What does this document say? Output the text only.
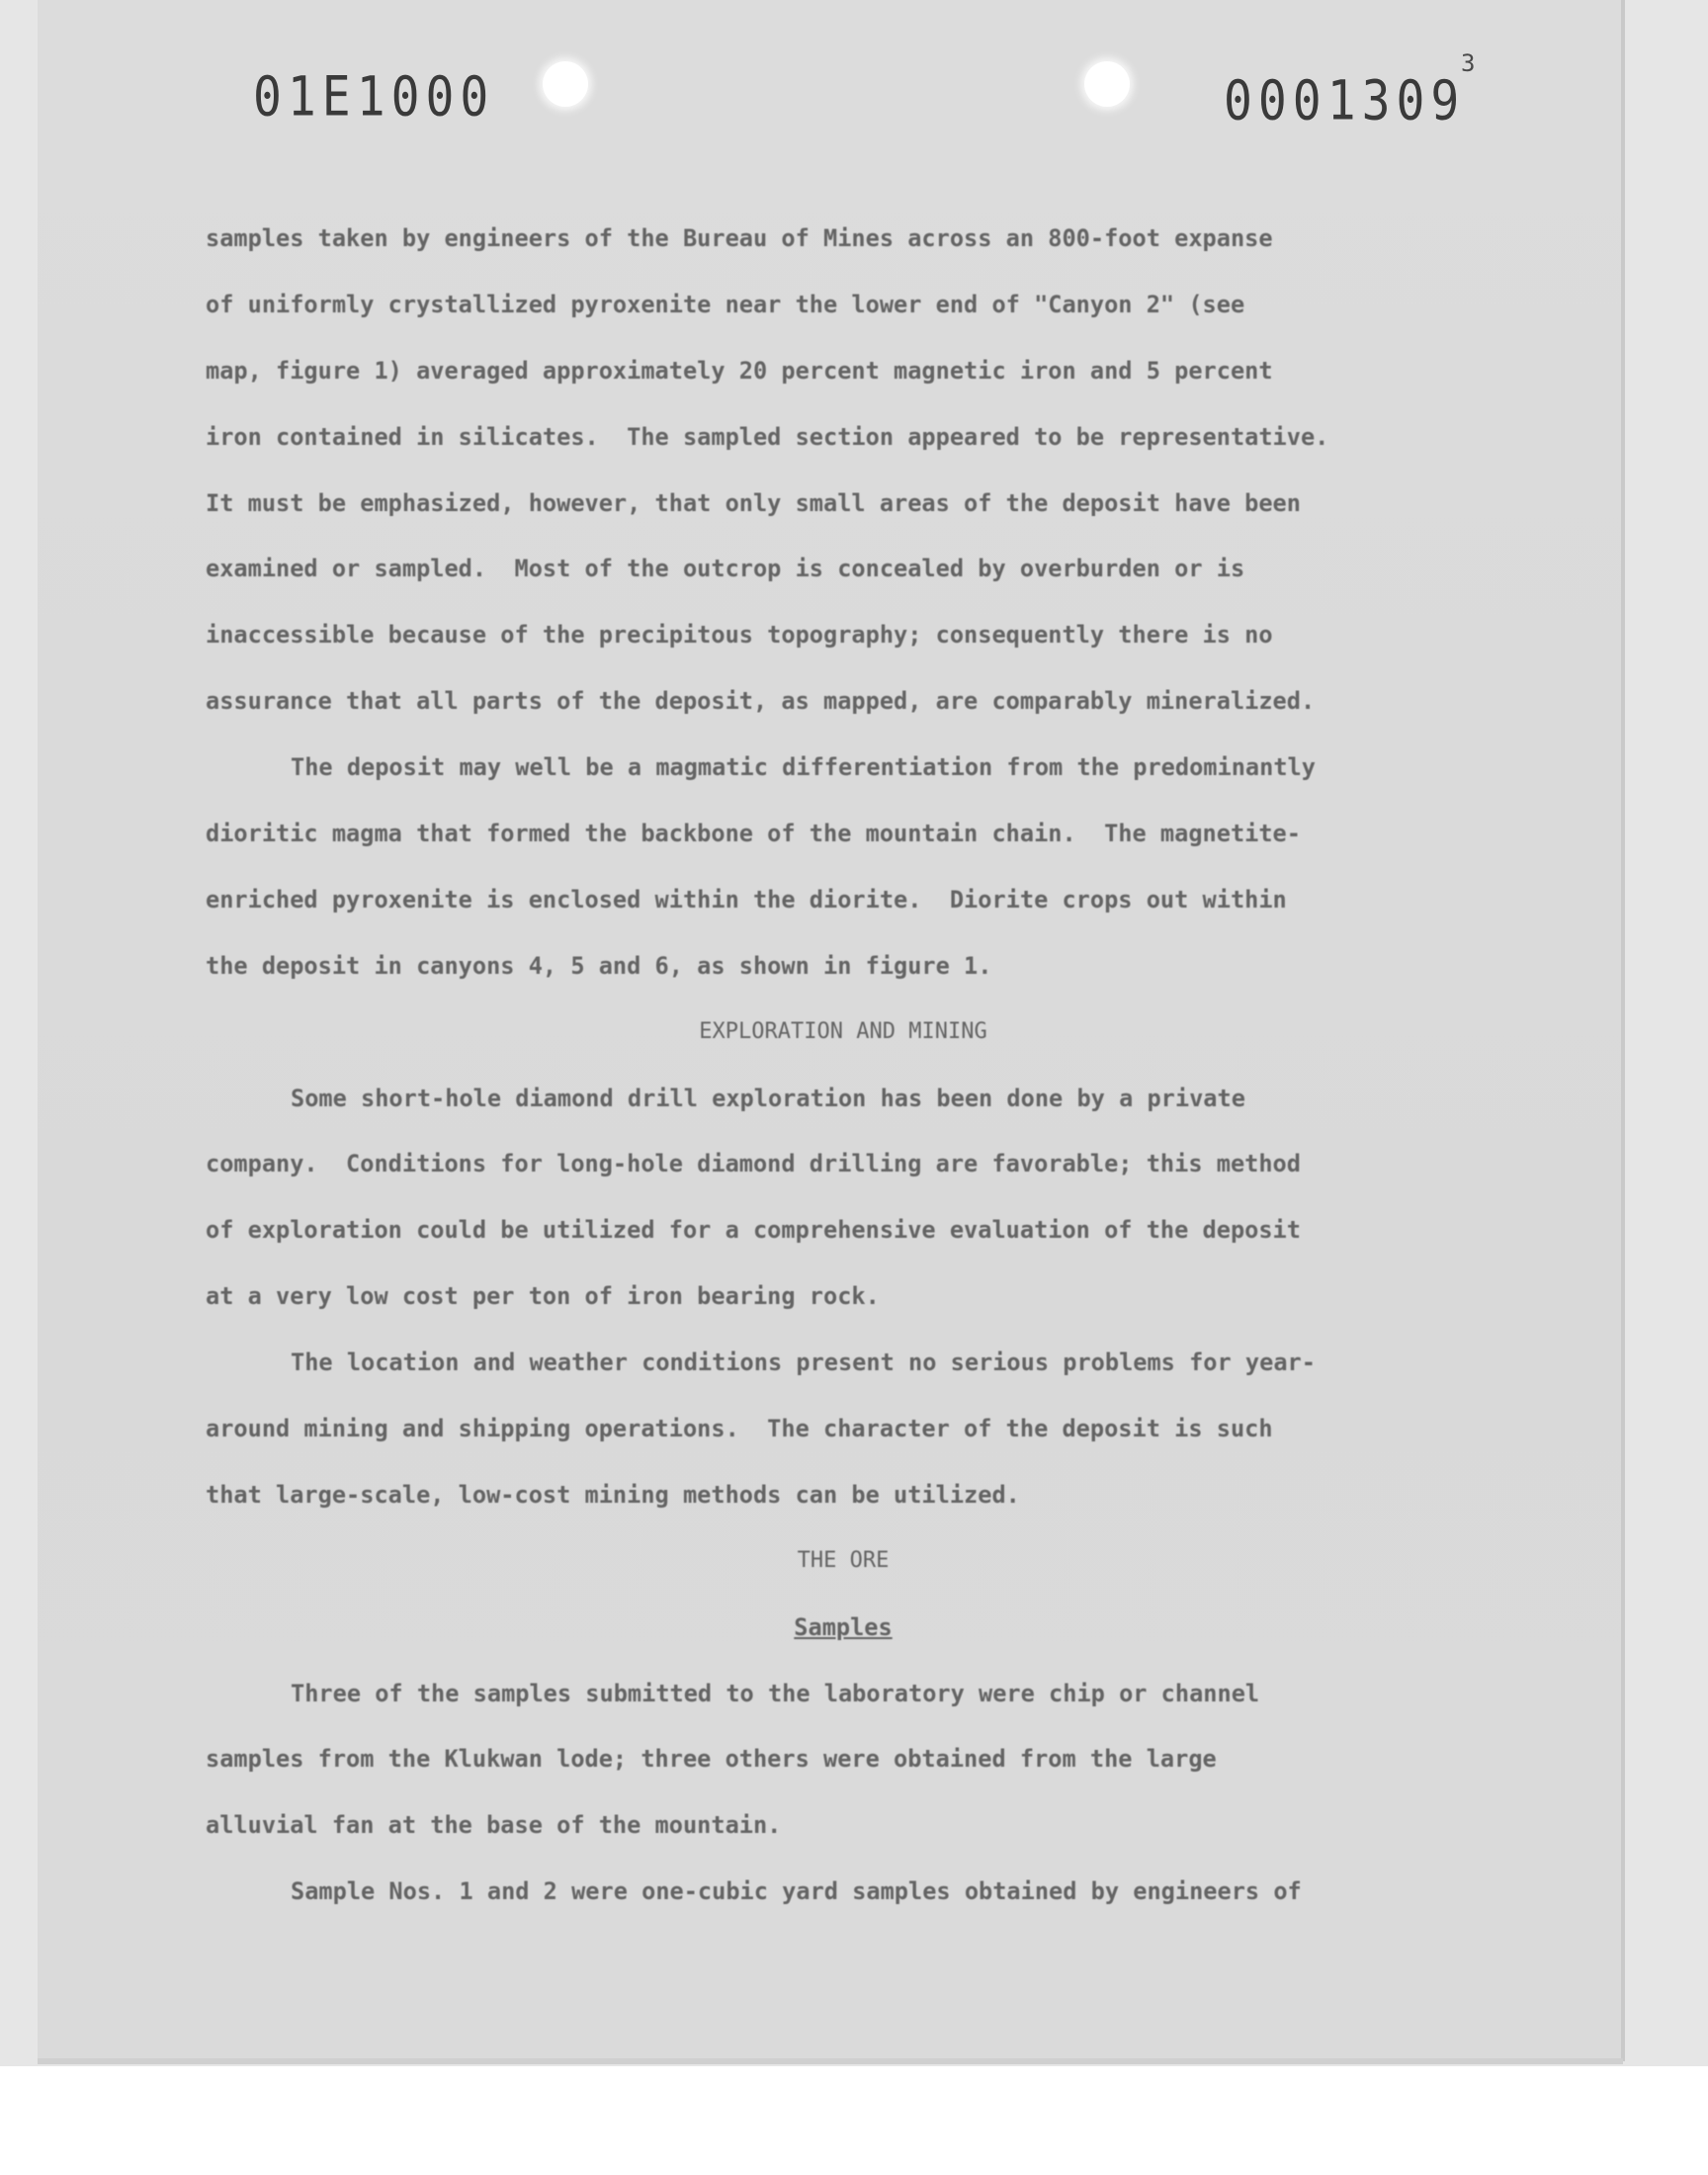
01E1000	0001309
3
samples taken by engineers of the Bureau of Mines across an 800-foot expanse
of uniformly crystallized pyroxenite near the lower end of "Canyon 2" (see
map, figure 1) averaged approximately 20 percent magnetic iron and 5 percent
iron contained in silicates.  The sampled section appeared to be representative.
It must be emphasized, however, that only small areas of the deposit have been
examined or sampled.  Most of the outcrop is concealed by overburden or is
inaccessible because of the precipitous topography; consequently there is no
assurance that all parts of the deposit, as mapped, are comparably mineralized.
The deposit may well be a magmatic differentiation from the predominantly
dioritic magma that formed the backbone of the mountain chain.  The magnetite-
enriched pyroxenite is enclosed within the diorite.  Diorite crops out within
the deposit in canyons 4, 5 and 6, as shown in figure 1.
EXPLORATION AND MINING
Some short-hole diamond drill exploration has been done by a private
company.  Conditions for long-hole diamond drilling are favorable; this method
of exploration could be utilized for a comprehensive evaluation of the deposit
at a very low cost per ton of iron bearing rock.
The location and weather conditions present no serious problems for year-
around mining and shipping operations.  The character of the deposit is such
that large-scale, low-cost mining methods can be utilized.
THE ORE
Samples
Three of the samples submitted to the laboratory were chip or channel
samples from the Klukwan lode; three others were obtained from the large
alluvial fan at the base of the mountain.
Sample Nos. 1 and 2 were one-cubic yard samples obtained by engineers of
